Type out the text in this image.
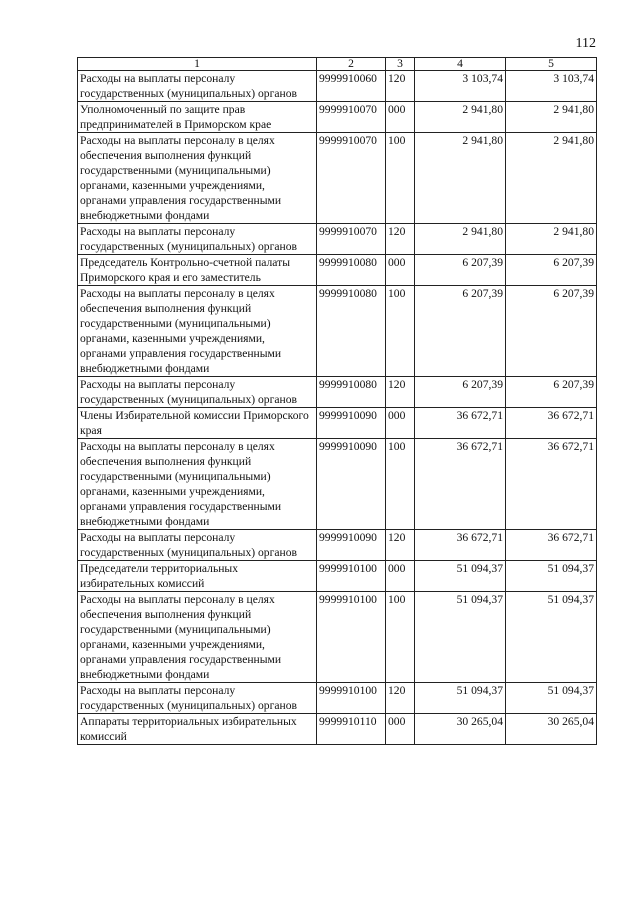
112
1	2	3	4	5
Расходы на выплаты персоналу государственных (муниципальных) органов	9999910060	120	3 103,74	3 103,74
Уполномоченный по защите прав предпринимателей в Приморском крае	9999910070	000	2 941,80	2 941,80
Расходы на выплаты персоналу в целях обеспечения выполнения функций государственными (муниципальными) органами, казенными учреждениями, органами управления государственными внебюджетными фондами	9999910070	100	2 941,80	2 941,80
Расходы на выплаты персоналу государственных (муниципальных) органов	9999910070	120	2 941,80	2 941,80
Председатель Контрольно-счетной палаты Приморского края и его заместитель	9999910080	000	6 207,39	6 207,39
Расходы на выплаты персоналу в целях обеспечения выполнения функций государственными (муниципальными) органами, казенными учреждениями, органами управления государственными внебюджетными фондами	9999910080	100	6 207,39	6 207,39
Расходы на выплаты персоналу государственных (муниципальных) органов	9999910080	120	6 207,39	6 207,39
Члены Избирательной комиссии Приморского края	9999910090	000	36 672,71	36 672,71
Расходы на выплаты персоналу в целях обеспечения выполнения функций государственными (муниципальными) органами, казенными учреждениями, органами управления государственными внебюджетными фондами	9999910090	100	36 672,71	36 672,71
Расходы на выплаты персоналу государственных (муниципальных) органов	9999910090	120	36 672,71	36 672,71
Председатели территориальных избирательных комиссий	9999910100	000	51 094,37	51 094,37
Расходы на выплаты персоналу в целях обеспечения выполнения функций государственными (муниципальными) органами, казенными учреждениями, органами управления государственными внебюджетными фондами	9999910100	100	51 094,37	51 094,37
Расходы на выплаты персоналу государственных (муниципальных) органов	9999910100	120	51 094,37	51 094,37
Аппараты территориальных избирательных комиссий	9999910110	000	30 265,04	30 265,04
